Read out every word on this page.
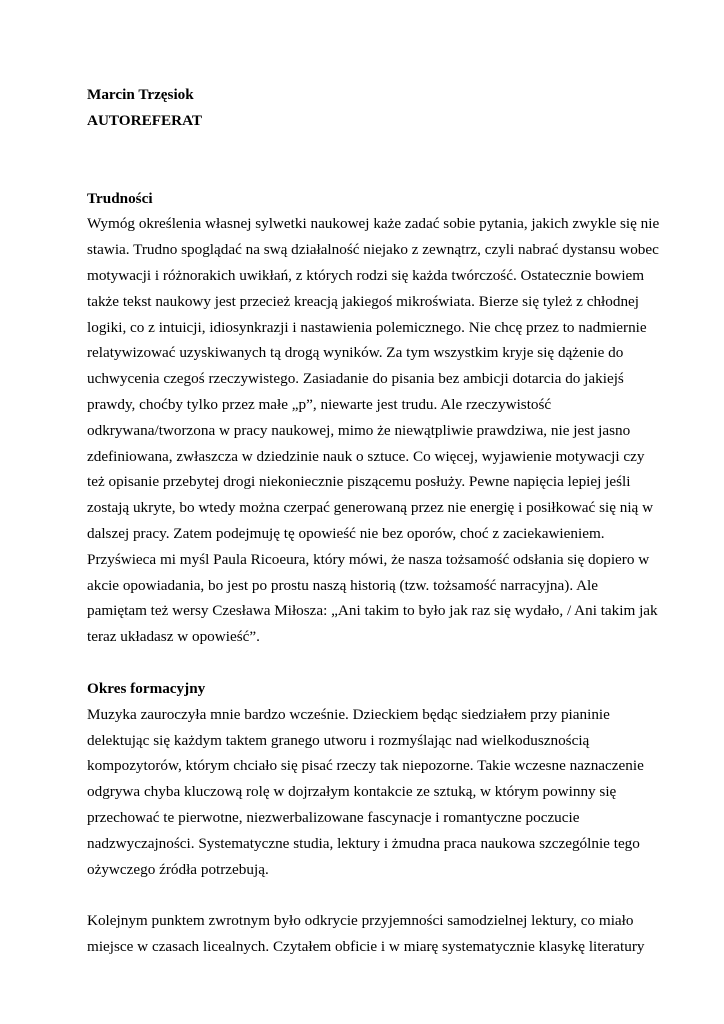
Marcin Trzęsiok
AUTOREFERAT
Trudności
Wymóg określenia własnej sylwetki naukowej każe zadać sobie pytania, jakich zwykle się nie
stawia. Trudno spoglądać na swą działalność niejako z zewnątrz, czyli nabrać dystansu wobec
motywacji i różnorakich uwikłań, z których rodzi się każda twórczość. Ostatecznie bowiem
także tekst naukowy jest przecież kreacją jakiegoś mikroświata. Bierze się tyleż z chłodnej
logiki, co z intuicji, idiosynkrazji i nastawienia polemicznego. Nie chcę przez to nadmiernie
relatywizować uzyskiwanych tą drogą wyników. Za tym wszystkim kryje się dążenie do
uchwycenia czegoś rzeczywistego. Zasiadanie do pisania bez ambicji dotarcia do jakiejś
prawdy, choćby tylko przez małe „p”, niewarte jest trudu. Ale rzeczywistość
odkrywana/tworzona w pracy naukowej, mimo że niewątpliwie prawdziwa, nie jest jasno
zdefiniowana, zwłaszcza w dziedzinie nauk o sztuce. Co więcej, wyjawienie motywacji czy
też opisanie przebytej drogi niekoniecznie piszącemu posłuży. Pewne napięcia lepiej jeśli
zostają ukryte, bo wtedy można czerpać generowaną przez nie energię i posiłkować się nią w
dalszej pracy. Zatem podejmuję tę opowieść nie bez oporów, choć z zaciekawieniem.
Przyświeca mi myśl Paula Ricoeura, który mówi, że nasza tożsamość odsłania się dopiero w
akcie opowiadania, bo jest po prostu naszą historią (tzw. tożsamość narracyjna). Ale
pamiętam też wersy Czesława Miłosza: „Ani takim to było jak raz się wydało, / Ani takim jak
teraz układasz w opowieść”.
Okres formacyjny
Muzyka zauroczyła mnie bardzo wcześnie. Dzieckiem będąc siedziałem przy pianinie
delektując się każdym taktem granego utworu i rozmyślając nad wielkodusznością
kompozytorów, którym chciało się pisać rzeczy tak niepozorne. Takie wczesne naznaczenie
odgrywa chyba kluczową rolę w dojrzałym kontakcie ze sztuką, w którym powinny się
przechować te pierwotne, niezwerbalizowane fascynacje i romantyczne poczucie
nadzwyczajności. Systematyczne studia, lektury i żmudna praca naukowa szczególnie tego
ożywczego źródła potrzebują.
Kolejnym punktem zwrotnym było odkrycie przyjemności samodzielnej lektury, co miało
miejsce w czasach licealnych. Czytałem obficie i w miarę systematycznie klasykę literatury
